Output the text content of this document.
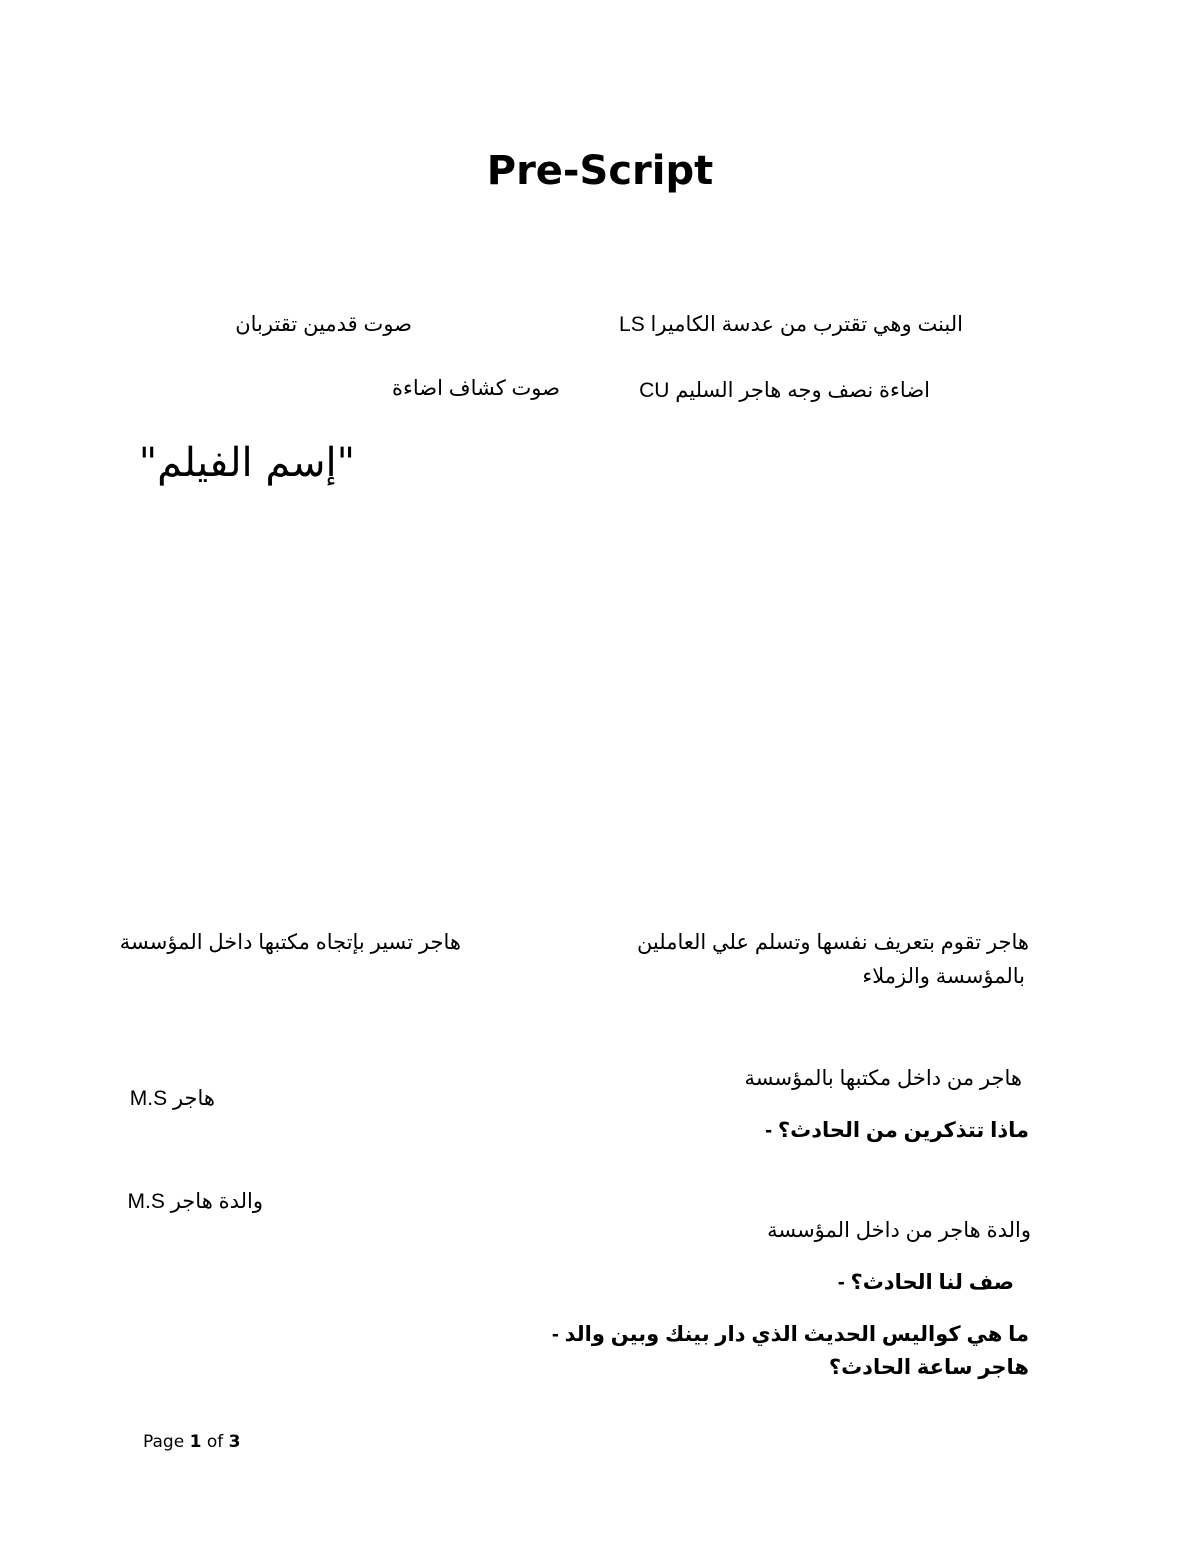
Pre-Script
البنت وهي تقترب من عدسة الكاميرا LS
صوت قدمين تقتربان
اضاءة نصف وجه هاجر السليم CU
صوت كشاف اضاءة
"إسم الفيلم"
هاجر تقوم بتعريف نفسها وتسلم علي العاملين
بالمؤسسة والزملاء
هاجر تسير بإتجاه مكتبها داخل المؤسسة
هاجر من داخل مكتبها بالمؤسسة
هاجر M.S
ماذا تتذكرين من الحادث؟ -
والدة هاجر M.S
والدة هاجر من داخل المؤسسة
صف لنا الحادث؟ -
ما هي كواليس الحديث الذي دار بينك وبين والد -
هاجر ساعة الحادث؟
Page 1 of 3
